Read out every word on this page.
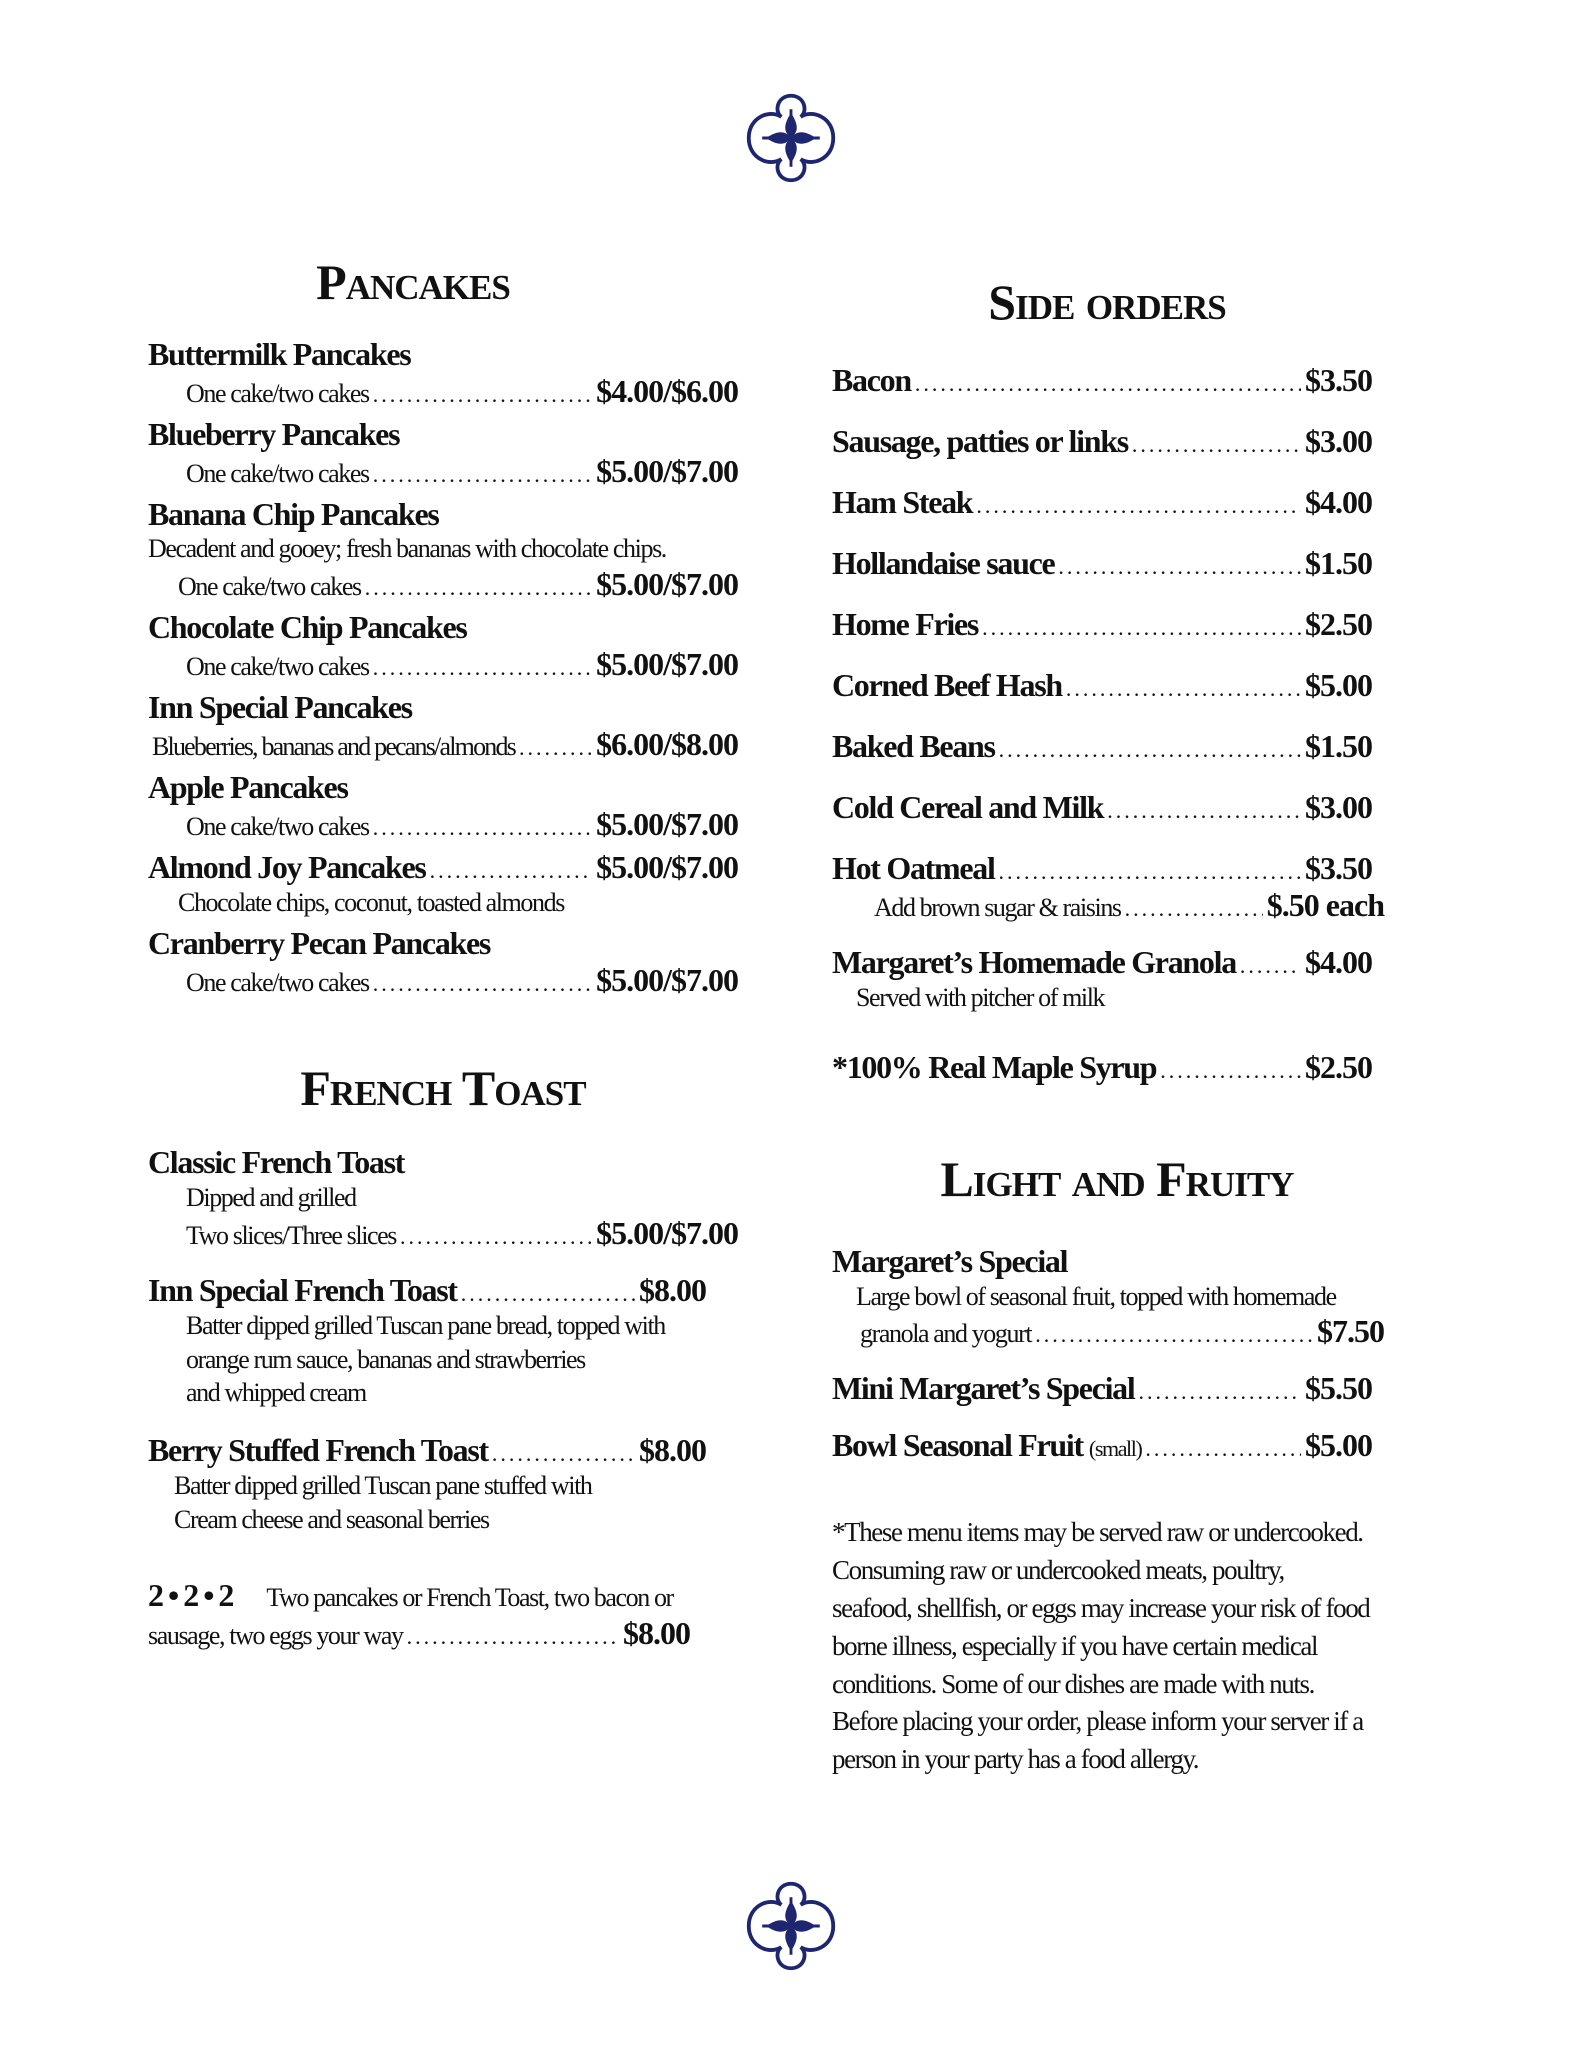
Pancakes
Buttermilk Pancakes
One cake/two cakes .....	$4.00/$6.00
Blueberry Pancakes
One cake/two cakes .....	$5.00/$7.00
Banana Chip Pancakes
Decadent and gooey; fresh bananas with chocolate chips.
One cake/two cakes .....	$5.00/$7.00
Chocolate Chip Pancakes
One cake/two cakes .....	$5.00/$7.00
Inn Special Pancakes
Blueberries, bananas and pecans/almonds .....	$6.00/$8.00
Apple Pancakes
One cake/two cakes .....	$5.00/$7.00
Almond Joy Pancakes .....	$5.00/$7.00
Chocolate chips, coconut, toasted almonds
Cranberry Pecan Pancakes
One cake/two cakes .....	$5.00/$7.00
French Toast
Classic French Toast
Dipped and grilled
Two slices/Three slices .....	$5.00/$7.00
Inn Special French Toast .....	$8.00
Batter dipped grilled Tuscan pane bread, topped with
orange rum sauce, bananas and strawberries
and whipped cream
Berry Stuffed French Toast .....	$8.00
Batter dipped grilled Tuscan pane stuffed with
Cream cheese and seasonal berries
2•2•2 Two pancakes or French Toast, two bacon or
sausage, two eggs your way .....	$8.00
Side orders
Bacon .....	$3.50
Sausage, patties or links .....	$3.00
Ham Steak .....	$4.00
Hollandaise sauce .....	$1.50
Home Fries .....	$2.50
Corned Beef Hash .....	$5.00
Baked Beans .....	$1.50
Cold Cereal and Milk .....	$3.00
Hot Oatmeal .....	$3.50
Add brown sugar & raisins .....	$.50 each
Margaret’s Homemade Granola ..... $4.00
Served with pitcher of milk
*100% Real Maple Syrup .....	$2.50
Light and Fruity
Margaret’s Special
Large bowl of seasonal fruit, topped with homemade
granola and yogurt .....	$7.50
Mini Margaret’s Special .....	$5.50
Bowl Seasonal Fruit (small) .....	$5.00
*These menu items may be served raw or undercooked.
Consuming raw or undercooked meats, poultry,
seafood, shellfish, or eggs may increase your risk of food
borne illness, especially if you have certain medical
conditions. Some of our dishes are made with nuts.
Before placing your order, please inform your server if a
person in your party has a food allergy.
